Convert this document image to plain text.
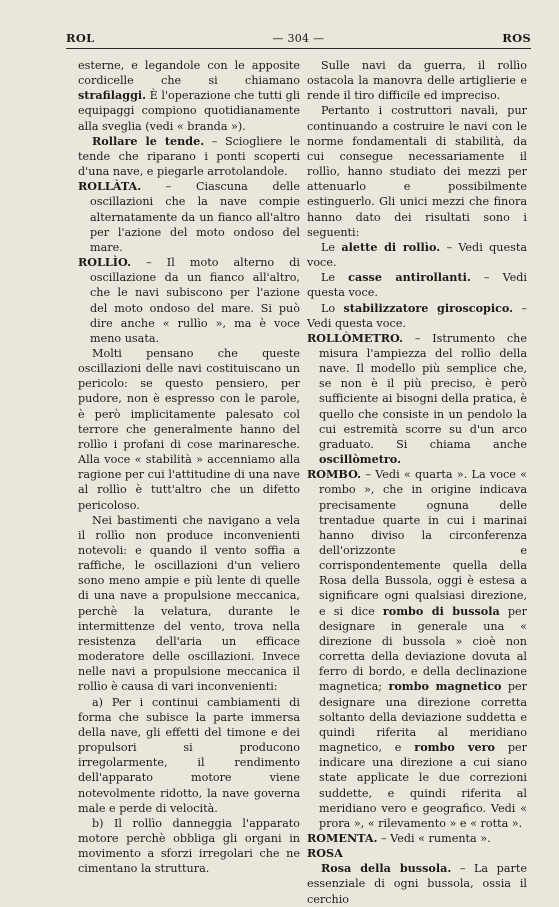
ROL	— 304 —	ROS

esterne, e legandole con le apposite cordicelle che si chiamano strafilaggi. È l'operazione che tutti gli equipaggi compiono quotidianamente alla sveglia (vedi « branda »).

Rollare le tende. – Sciogliere le tende che riparano i ponti scoperti d'una nave, e piegarle arrotolandole.

ROLLÀTA. – Ciascuna delle oscillazioni che la nave compie alternatamente da un fianco all'altro per l'azione del moto ondoso del mare.

ROLLÌO. – Il moto alterno di oscillazione da un fianco all'altro, che le navi subiscono per l'azione del moto ondoso del mare. Si può dire anche « rullìo », ma è voce meno usata.

Molti pensano che queste oscillazioni delle navi costituiscano un pericolo: se questo pensiero, per pudore, non è espresso con le parole, è però implicitamente palesato col terrore che generalmente hanno del rollìo i profani di cose marinaresche. Alla voce « stabilità » accenniamo alla ragione per cui l'attitudine di una nave al rollìo è tutt'altro che un difetto pericoloso.

Nei bastimenti che navigano a vela il rollìo non produce inconvenienti notevoli: e quando il vento soffia a raffiche, le oscillazioni d'un veliero sono meno ampie e più lente di quelle di una nave a propulsione meccanica, perchè la velatura, durante le intermittenze del vento, trova nella resistenza dell'aria un efficace moderatore delle oscillazioni. Invece nelle navi a propulsione meccanica il rollìo è causa di vari inconvenienti:

a) Per i continui cambiamenti di forma che subisce la parte immersa della nave, gli effetti del timone e dei propulsori si producono irregolarmente, il rendimento dell'apparato motore viene notevolmente ridotto, la nave governa male e perde di velocità.

b) Il rollìo danneggia l'apparato motore perchè obbliga gli organi in movimento a sforzi irregolari che ne cimentano la struttura.

Sulle navi da guerra, il rollìo ostacola la manovra delle artiglierie e rende il tiro difficile ed impreciso.

Pertanto i costruttori navali, pur continuando a costruire le navi con le norme fondamentali di stabilità, da cui consegue necessariamente il rollìo, hanno studiato dei mezzi per attenuarlo e possibilmente estinguerlo. Gli unici mezzi che finora hanno dato dei risultati sono i seguenti:

Le alette di rollìo. – Vedi questa voce.

Le casse antirollanti. – Vedi questa voce.

Lo stabilizzatore giroscopico. – Vedi questa voce.

ROLLÒMETRO. – Istrumento che misura l'ampiezza del rollìo della nave. Il modello più semplice che, se non è il più preciso, è però sufficiente ai bisogni della pratica, è quello che consiste in un pendolo la cui estremità scorre su d'un arco graduato. Si chiama anche oscillòmetro.

ROMBO. – Vedi « quarta ». La voce « rombo », che in origine indicava precisamente ognuna delle trentadue quarte in cui i marinai hanno diviso la circonferenza dell'orizzonte e corrispondentemente quella della Rosa della Bussola, oggi è estesa a significare ogni qualsiasi direzione, e si dice rombo di bussola per designare in generale una « direzione di bussola » cioè non corretta della deviazione dovuta al ferro di bordo, e della declinazione magnetica; rombo magnetico per designare una direzione corretta soltanto della deviazione suddetta e quindi riferita al meridiano magnetico, e rombo vero per indicare una direzione a cui siano state applicate le due correzioni suddette, e quindi riferita al meridiano vero e geografico. Vedi « prora », « rilevamento » e « rotta ».

ROMENTA. – Vedi « rumenta ».

ROSA

Rosa della bussola. – La parte essenziale di ogni bussola, ossia il cerchio
